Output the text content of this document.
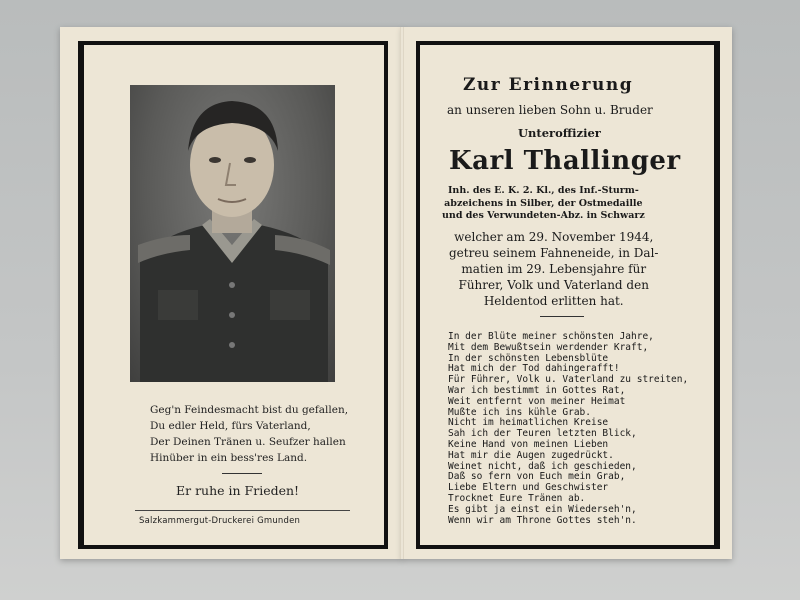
Geg'n Feindesmacht bist du gefallen,
Du edler Held, fürs Vaterland,
Der Deinen Tränen u. Seufzer hallen
Hinüber in ein bess'res Land.
Er ruhe in Frieden!
Salzkammergut-Druckerei Gmunden
Zur Erinnerung
an unseren lieben Sohn u. Bruder
Unteroffizier
Karl Thallinger
Inh. des E. K. 2. Kl., des Inf.-Sturm-
abzeichens in Silber, der Ostmedaille
und des Verwundeten-Abz. in Schwarz
welcher am 29. November 1944,
getreu seinem Fahneneide, in Dal-
matien im 29. Lebensjahre für
Führer, Volk und Vaterland den
Heldentod erlitten hat.
In der Blüte meiner schönsten Jahre,
Mit dem Bewußtsein werdender Kraft,
In der schönsten Lebensblüte
Hat mich der Tod dahingerafft!
Für Führer, Volk u. Vaterland zu streiten,
War ich bestimmt in Gottes Rat,
Weit entfernt von meiner Heimat
Mußte ich ins kühle Grab.
Nicht im heimatlichen Kreise
Sah ich der Teuren letzten Blick,
Keine Hand von meinen Lieben
Hat mir die Augen zugedrückt.
Weinet nicht, daß ich geschieden,
Daß so fern von Euch mein Grab,
Liebe Eltern und Geschwister
Trocknet Eure Tränen ab.
Es gibt ja einst ein Wiederseh'n,
Wenn wir am Throne Gottes steh'n.
